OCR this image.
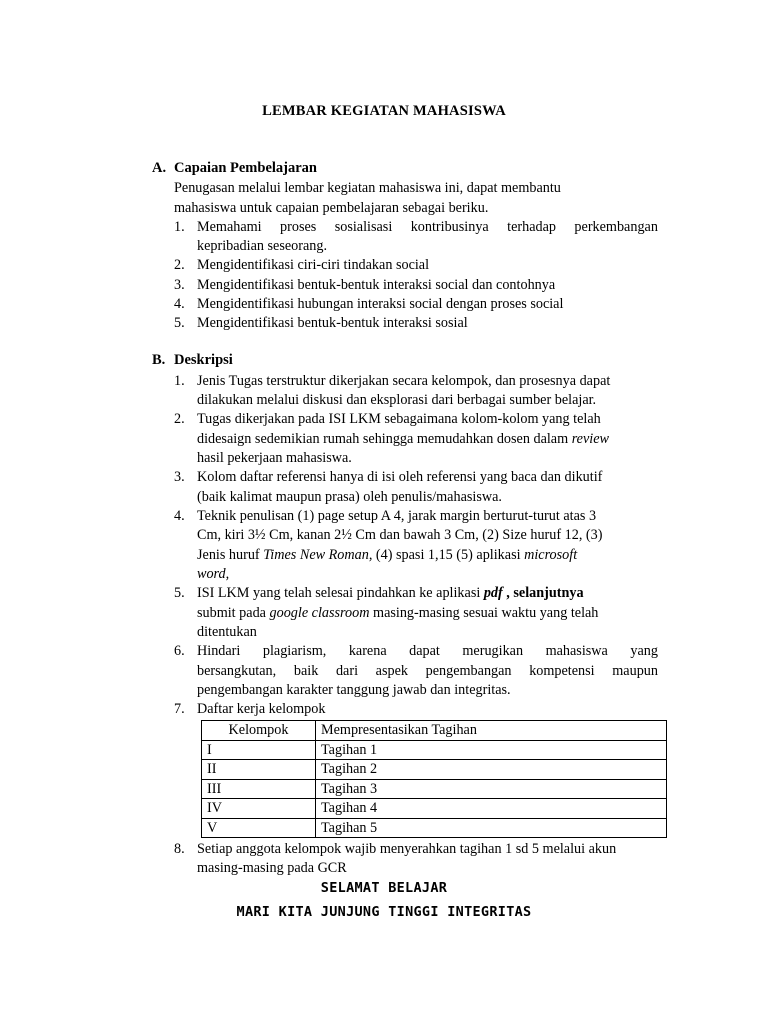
LEMBAR KEGIATAN MAHASISWA
A. Capaian Pembelajaran
Penugasan melalui lembar kegiatan mahasiswa ini, dapat membantu
mahasiswa untuk capaian pembelajaran sebagai beriku.
1. Memahami proses sosialisasi kontribusinya terhadap perkembangan
kepribadian seseorang.
2. Mengidentifikasi ciri-ciri tindakan social
3. Mengidentifikasi bentuk-bentuk interaksi social dan contohnya
4. Mengidentifikasi hubungan interaksi social dengan proses social
5. Mengidentifikasi bentuk-bentuk interaksi sosial
B. Deskripsi
1. Jenis Tugas terstruktur dikerjakan secara kelompok, dan prosesnya dapat
dilakukan melalui diskusi dan eksplorasi dari berbagai sumber belajar.
2. Tugas dikerjakan pada ISI LKM sebagaimana kolom-kolom yang telah
didesaign sedemikian rumah sehingga memudahkan dosen dalam review
hasil pekerjaan mahasiswa.
3. Kolom daftar referensi hanya di isi oleh referensi yang baca dan dikutif
(baik kalimat maupun prasa) oleh penulis/mahasiswa.
4. Teknik penulisan (1) page setup A 4, jarak margin berturut-turut atas 3
Cm, kiri 3½ Cm, kanan 2½ Cm dan bawah 3 Cm, (2) Size huruf 12, (3)
Jenis huruf Times New Roman, (4) spasi 1,15 (5) aplikasi microsoft
word,
5. ISI LKM yang telah selesai pindahkan ke aplikasi pdf , selanjutnya
submit pada google classroom masing-masing sesuai waktu yang telah
ditentukan
6. Hindari plagiarism, karena dapat merugikan mahasiswa yang
bersangkutan, baik dari aspek pengembangan kompetensi maupun
pengembangan karakter tanggung jawab dan integritas.
7. Daftar kerja kelompok
Kelompok	Mempresentasikan Tagihan
I	Tagihan 1
II	Tagihan 2
III	Tagihan 3
IV	Tagihan 4
V	Tagihan 5
8. Setiap anggota kelompok wajib menyerahkan tagihan 1 sd 5 melalui akun
masing-masing pada GCR
SELAMAT BELAJAR
MARI KITA JUNJUNG TINGGI INTEGRITAS
